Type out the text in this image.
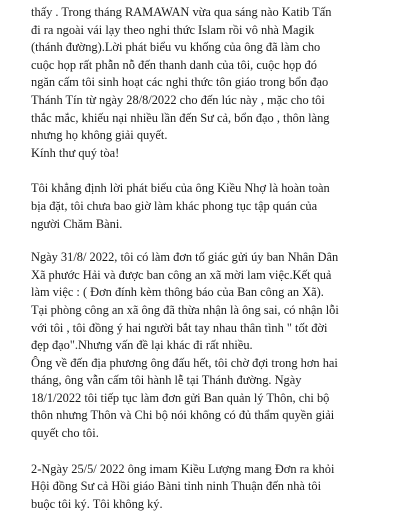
thấy . Trong tháng RAMAWAN vừa qua sáng nào Katib Tấn
đi ra ngoài vái lạy theo nghi thức Islam rồi vô nhà Magik
(thánh đường).Lời phát biểu vu khống của ông đã làm cho
cuộc họp rất phẫn nỗ đến thanh danh của tôi, cuộc họp đó
ngăn cấm tôi sinh hoạt các nghi thức tôn giáo trong bổn đạo
Thánh Tín từ ngày 28/8/2022 cho đến lúc này , mặc cho tôi
thắc mắc, khiếu nại nhiều lần đến Sư cả, bổn đạo , thôn làng
nhưng họ không giải quyết.
Kính thư quý tòa!
Tôi khẳng định lời phát biểu của ông Kiều Nhợ là hoàn toàn
bịa đặt, tôi chưa bao giờ làm khác phong tục tập quán của
người Chăm Bàni.
Ngày 31/8/ 2022, tôi có làm đơn tố giác gửi úy ban Nhân Dân
Xã phước Hải và được ban công an xã mời lam việc.Kết quả
làm việc : ( Đơn đính kèm thông báo của Ban công an Xã).
Tại phòng công an xã ông đã thừa nhận là ông sai, có nhận lỗi
với tôi , tôi đồng ý hai người bắt tay nhau thân tình " tốt đời
đẹp đạo".Nhưng vấn đề lại khác đi rất nhiều.
Ông về đến địa phương ông đấu hết, tôi chờ đợi trong hơn hai
tháng, ông vẫn cấm tôi hành lễ tại Thánh đường. Ngày
18/1/2022 tôi tiếp tục làm đơn gửi Ban quản lý Thôn, chi bộ
thôn nhưng Thôn và Chi bộ nói không có đủ thẩm quyền giải
quyết cho tôi.
2-Ngày 25/5/ 2022 ông imam Kiều Lượng mang Đơn ra khỏi
Hội đồng Sư cả Hồi giáo Bàni tỉnh ninh Thuận đến nhà tôi
buộc tôi ký. Tôi không ký.
